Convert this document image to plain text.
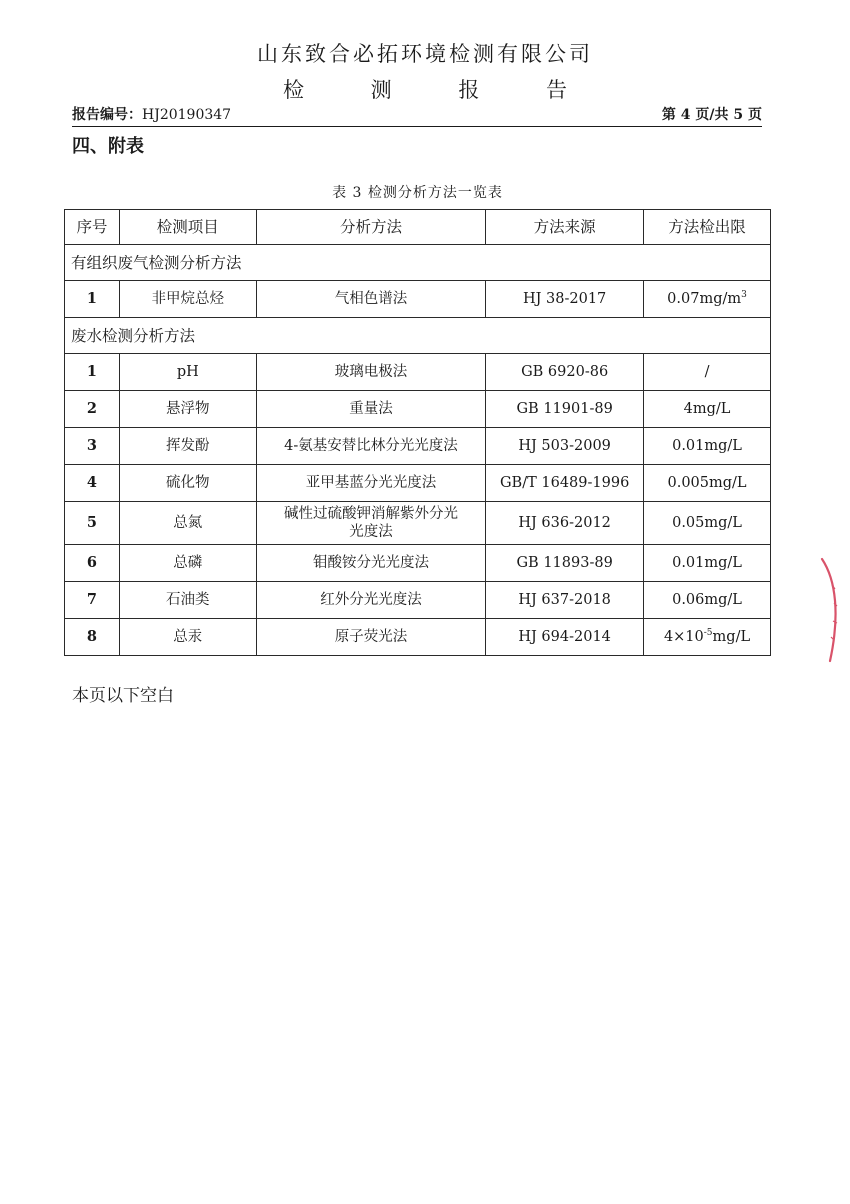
山东致合必拓环境检测有限公司
检 测 报 告
报告编号：HJ20190347	第 4 页/共 5 页
四、附表
表 3 检测分析方法一览表
序号	检测项目	分析方法	方法来源	方法检出限
有组织废气检测分析方法				
1	非甲烷总烃	气相色谱法	HJ 38-2017	$0.07mg/m^3$
废水检测分析方法				
1	pH	玻璃电极法	GB 6920-86	/
2	悬浮物	重量法	GB 11901-89	4mg/L
3	挥发酚	4-氨基安替比林分光光度法	HJ 503-2009	0.01mg/L
4	硫化物	亚甲基蓝分光光度法	GB/T 16489-1996	0.005mg/L
5	总氮	碱性过硫酸钾消解紫外分光
光度法	HJ 636-2012	0.05mg/L
6	总磷	钼酸铵分光光度法	GB 11893-89	0.01mg/L
7	石油类	红外分光光度法	HJ 637-2018	0.06mg/L
8	总汞	原子荧光法	HJ 694-2014	$4\times 10^{-5}mg/L$
本页以下空白
